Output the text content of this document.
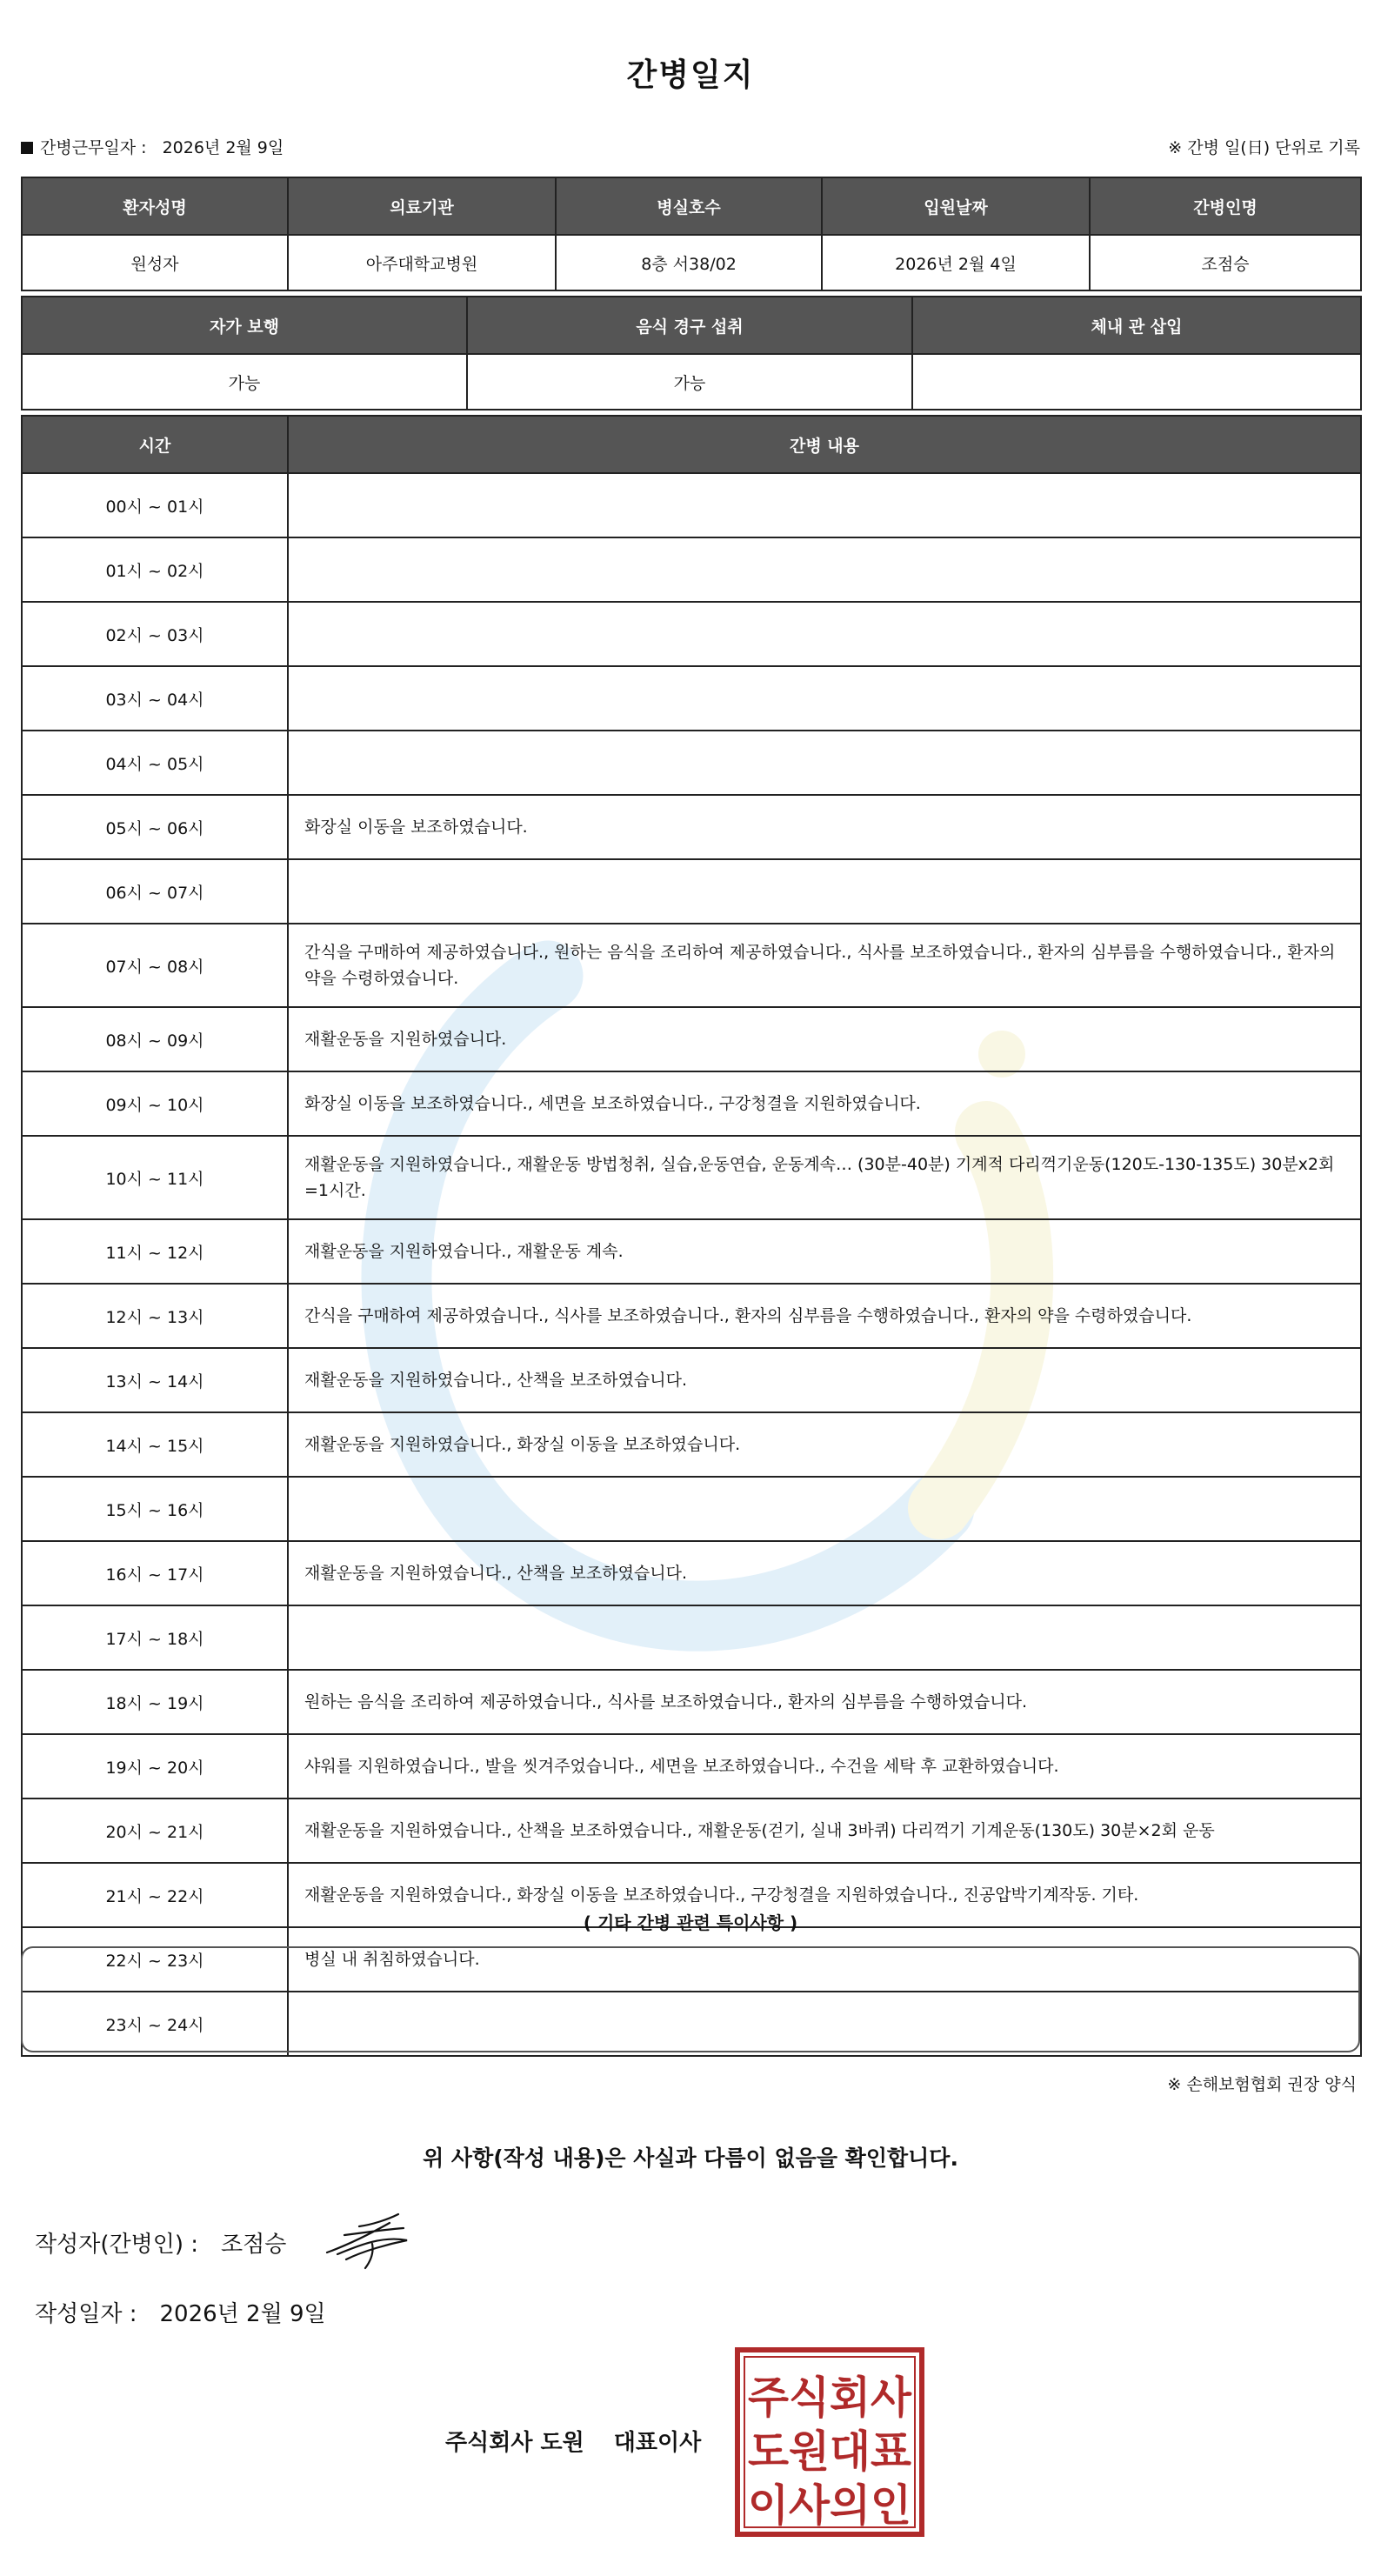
간병일지
간병근무일자 : 2026년 2월 9일	※ 간병 일(日) 단위로 기록
환자성명	의료기관	병실호수	입원날짜	간병인명
원성자	아주대학교병원	8층 서38/02	2026년 2월 4일	조점승
자가 보행	음식 경구 섭취	체내 관 삽입
가능	가능	
시간	간병 내용
00시 ~ 01시	
01시 ~ 02시	
02시 ~ 03시	
03시 ~ 04시	
04시 ~ 05시	
05시 ~ 06시	화장실 이동을 보조하였습니다.
06시 ~ 07시	
07시 ~ 08시	간식을 구매하여 제공하였습니다., 원하는 음식을 조리하여 제공하였습니다., 식사를 보조하였습니다., 환자의 심부름을 수행하였습니다., 환자의 약을 수령하였습니다.
08시 ~ 09시	재활운동을 지원하였습니다.
09시 ~ 10시	화장실 이동을 보조하였습니다., 세면을 보조하였습니다., 구강청결을 지원하였습니다.
10시 ~ 11시	재활운동을 지원하였습니다., 재활운동 방법청취, 실습,운동연습, 운동계속… (30분-40분) 기계적 다리꺽기운동(120도-130-135도) 30분x2회=1시간.
11시 ~ 12시	재활운동을 지원하였습니다., 재활운동 계속.
12시 ~ 13시	간식을 구매하여 제공하였습니다., 식사를 보조하였습니다., 환자의 심부름을 수행하였습니다., 환자의 약을 수령하였습니다.
13시 ~ 14시	재활운동을 지원하였습니다., 산책을 보조하였습니다.
14시 ~ 15시	재활운동을 지원하였습니다., 화장실 이동을 보조하였습니다.
15시 ~ 16시	
16시 ~ 17시	재활운동을 지원하였습니다., 산책을 보조하였습니다.
17시 ~ 18시	
18시 ~ 19시	원하는 음식을 조리하여 제공하였습니다., 식사를 보조하였습니다., 환자의 심부름을 수행하였습니다.
19시 ~ 20시	샤워를 지원하였습니다., 발을 씻겨주었습니다., 세면을 보조하였습니다., 수건을 세탁 후 교환하였습니다.
20시 ~ 21시	재활운동을 지원하였습니다., 산책을 보조하였습니다., 재활운동(걷기, 실내 3바퀴) 다리꺽기 기계운동(130도) 30분×2회 운동
21시 ~ 22시	재활운동을 지원하였습니다., 화장실 이동을 보조하였습니다., 구강청결을 지원하였습니다., 진공압박기계작동. 기타.
22시 ~ 23시	병실 내 취침하였습니다.
23시 ~ 24시	
( 기타 간병 관련 특이사항 )
※ 손해보험협회 권장 양식
위 사항(작성 내용)은 사실과 다름이 없음을 확인합니다.
작성자(간병인) : 조점승
작성일자 : 2026년 2월 9일
주식회사 도원 대표이사
주식회사
도원대표
이사의인
